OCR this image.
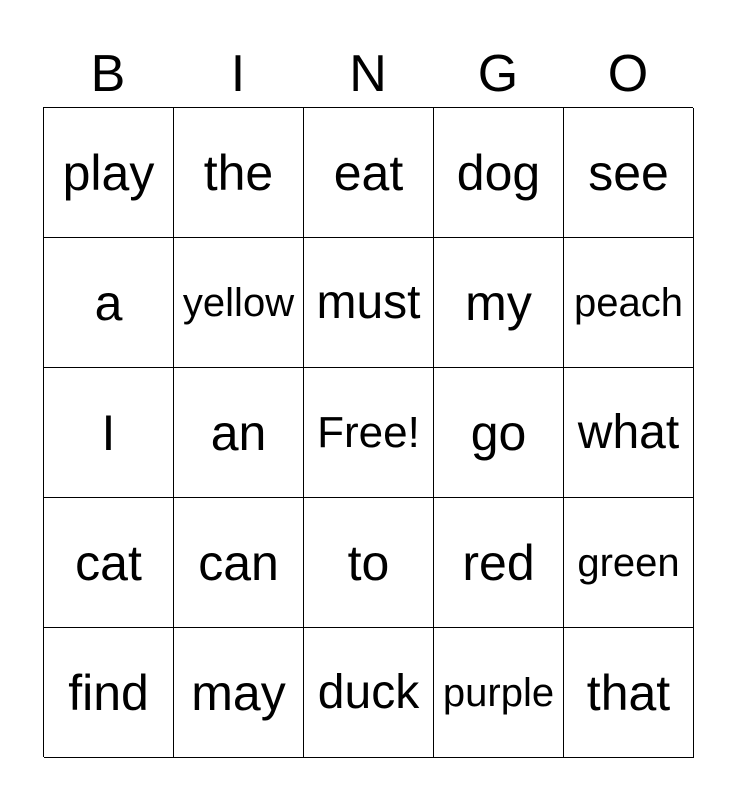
B	I	N	G	O
play the eat dog see
a yellow must my peach
I an Free! go what
cat can to red green
find may duck purple that
